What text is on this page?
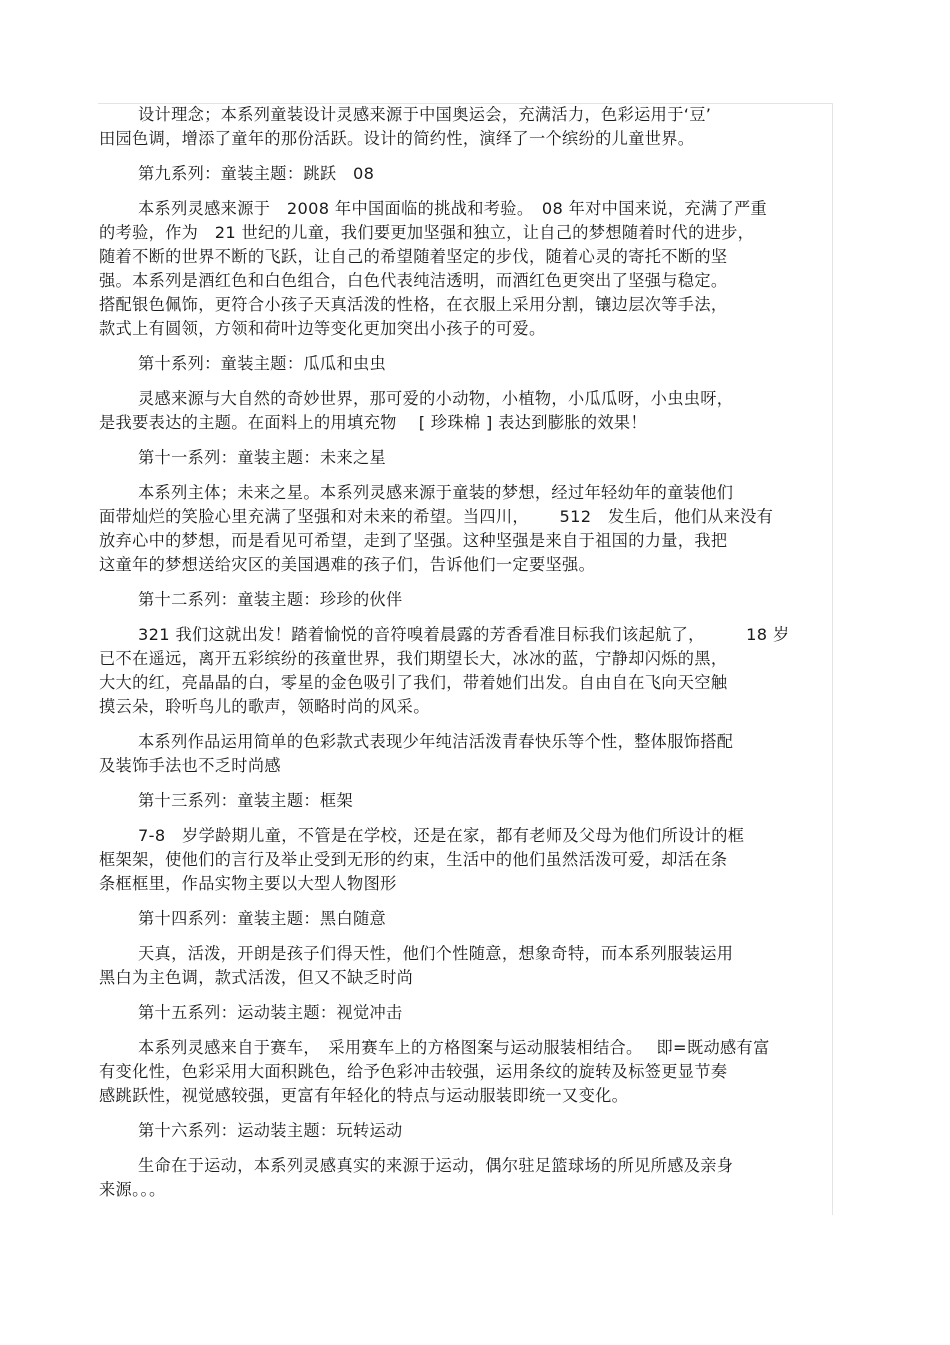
设计理念；本系列童装设计灵感来源于中国奥运会，充满活力，色彩运用于‘豆’
田园色调，增添了童年的那份活跃。设计的简约性，演绎了一个缤纷的儿童世界。
第九系列：童装主题：跳跃　08
本系列灵感来源于　2008 年中国面临的挑战和考验。　08 年对中国来说，充满了严重
的考验，作为　21 世纪的儿童，我们要更加坚强和独立，让自己的梦想随着时代的进步，
随着不断的世界不断的飞跃，让自己的希望随着坚定的步伐，随着心灵的寄托不断的坚
强。本系列是酒红色和白色组合，白色代表纯洁透明，而酒红色更突出了坚强与稳定。
搭配银色佩饰，更符合小孩子天真活泼的性格，在衣服上采用分割，镶边层次等手法，
款式上有圆领，方领和荷叶边等变化更加突出小孩子的可爱。
第十系列：童装主题：瓜瓜和虫虫
灵感来源与大自然的奇妙世界，那可爱的小动物，小植物，小瓜瓜呀，小虫虫呀，
是我要表达的主题。在面料上的用填充物　 [ 珍珠棉 ] 表达到膨胀的效果！
第十一系列：童装主题：未来之星
本系列主体；未来之星。本系列灵感来源于童装的梦想，经过年轻幼年的童装他们
面带灿烂的笑脸心里充满了坚强和对未来的希望。当四川，　　 512　发生后，他们从来没有
放弃心中的梦想，而是看见可希望，走到了坚强。这种坚强是来自于祖国的力量，我把
这童年的梦想送给灾区的美国遇难的孩子们，告诉他们一定要坚强。
第十二系列：童装主题：珍珍的伙伴
321 我们这就出发！踏着愉悦的音符嗅着晨露的芳香看准目标我们该起航了，　　　18 岁
已不在遥远，离开五彩缤纷的孩童世界，我们期望长大，冰冰的蓝，宁静却闪烁的黑，
大大的红，亮晶晶的白，零星的金色吸引了我们，带着她们出发。自由自在飞向天空触
摸云朵，聆听鸟儿的歌声，领略时尚的风采。
本系列作品运用简单的色彩款式表现少年纯洁活泼青春快乐等个性，整体服饰搭配
及装饰手法也不乏时尚感
第十三系列：童装主题：框架
7-8　岁学龄期儿童，不管是在学校，还是在家，都有老师及父母为他们所设计的框
框架架，使他们的言行及举止受到无形的约束，生活中的他们虽然活泼可爱，却活在条
条框框里，作品实物主要以大型人物图形
第十四系列：童装主题：黑白随意
天真，活泼，开朗是孩子们得天性，他们个性随意，想象奇特，而本系列服装运用
黑白为主色调，款式活泼，但又不缺乏时尚
第十五系列：运动装主题：视觉冲击
本系列灵感来自于赛车，　采用赛车上的方格图案与运动服装相结合。　 即=既动感有富
有变化性，色彩采用大面积跳色，给予色彩冲击较强，运用条纹的旋转及标签更显节奏
感跳跃性，视觉感较强，更富有年轻化的特点与运动服装即统一又变化。
第十六系列：运动装主题：玩转运动
生命在于运动，本系列灵感真实的来源于运动，偶尔驻足篮球场的所见所感及亲身
来源。。。
